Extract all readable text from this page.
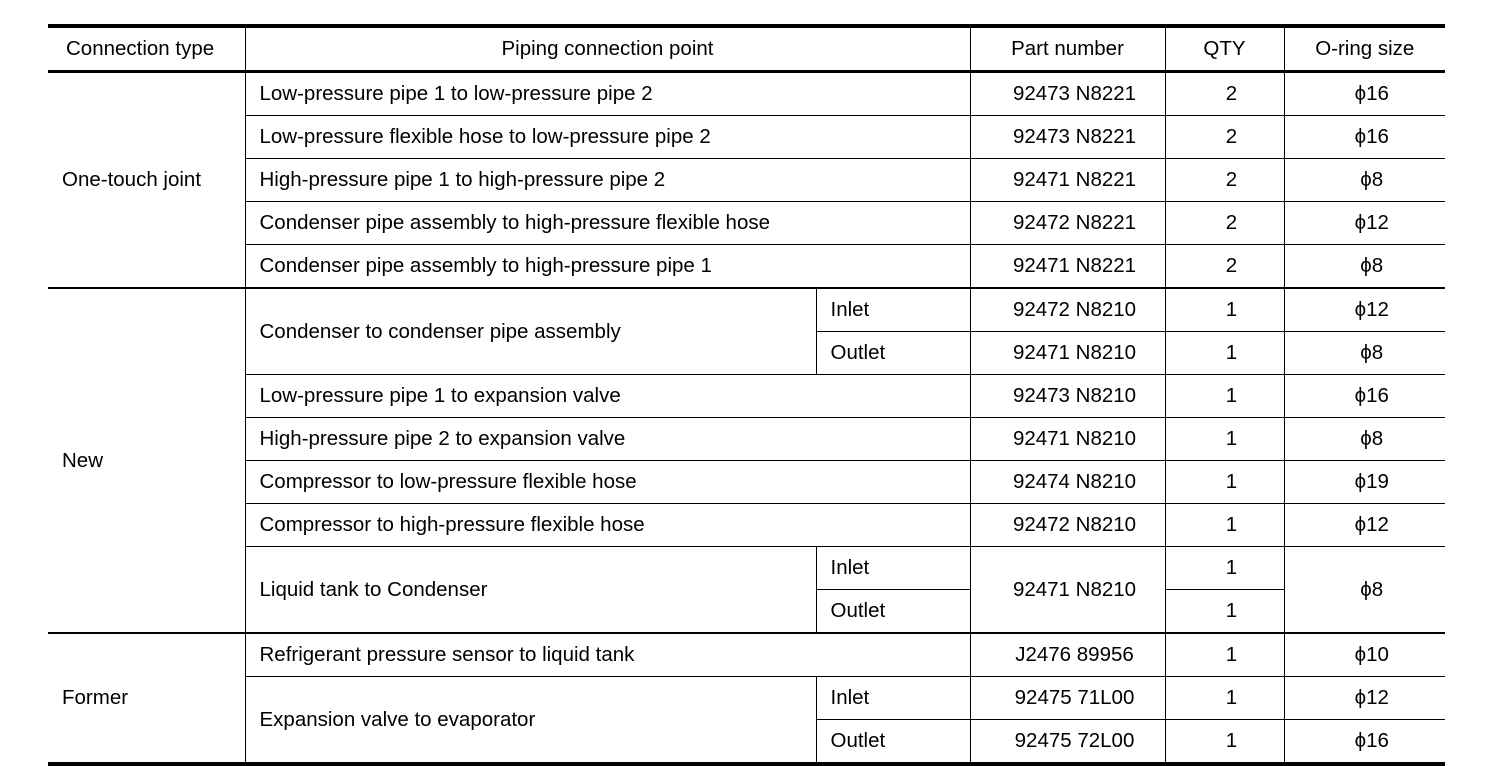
Connection type	Piping connection point		Part number	QTY	O-ring size
One-touch joint	Low-pressure pipe 1 to low-pressure pipe 2		92473 N8221	2	ϕ16
	Low-pressure flexible hose to low-pressure pipe 2		92473 N8221	2	ϕ16
	High-pressure pipe 1 to high-pressure pipe 2		92471 N8221	2	ϕ8
	Condenser pipe assembly to high-pressure flexible hose		92472 N8221	2	ϕ12
	Condenser pipe assembly to high-pressure pipe 1		92471 N8221	2	ϕ8
New	Condenser to condenser pipe assembly	Inlet	92472 N8210	1	ϕ12
		Outlet	92471 N8210	1	ϕ8
	Low-pressure pipe 1 to expansion valve		92473 N8210	1	ϕ16
	High-pressure pipe 2 to expansion valve		92471 N8210	1	ϕ8
	Compressor to low-pressure flexible hose		92474 N8210	1	ϕ19
	Compressor to high-pressure flexible hose		92472 N8210	1	ϕ12
	Liquid tank to Condenser	Inlet	92471 N8210	1	ϕ8
		Outlet		1	
Former	Refrigerant pressure sensor to liquid tank		J2476 89956	1	ϕ10
	Expansion valve to evaporator	Inlet	92475 71L00	1	ϕ12
		Outlet	92475 72L00	1	ϕ16
